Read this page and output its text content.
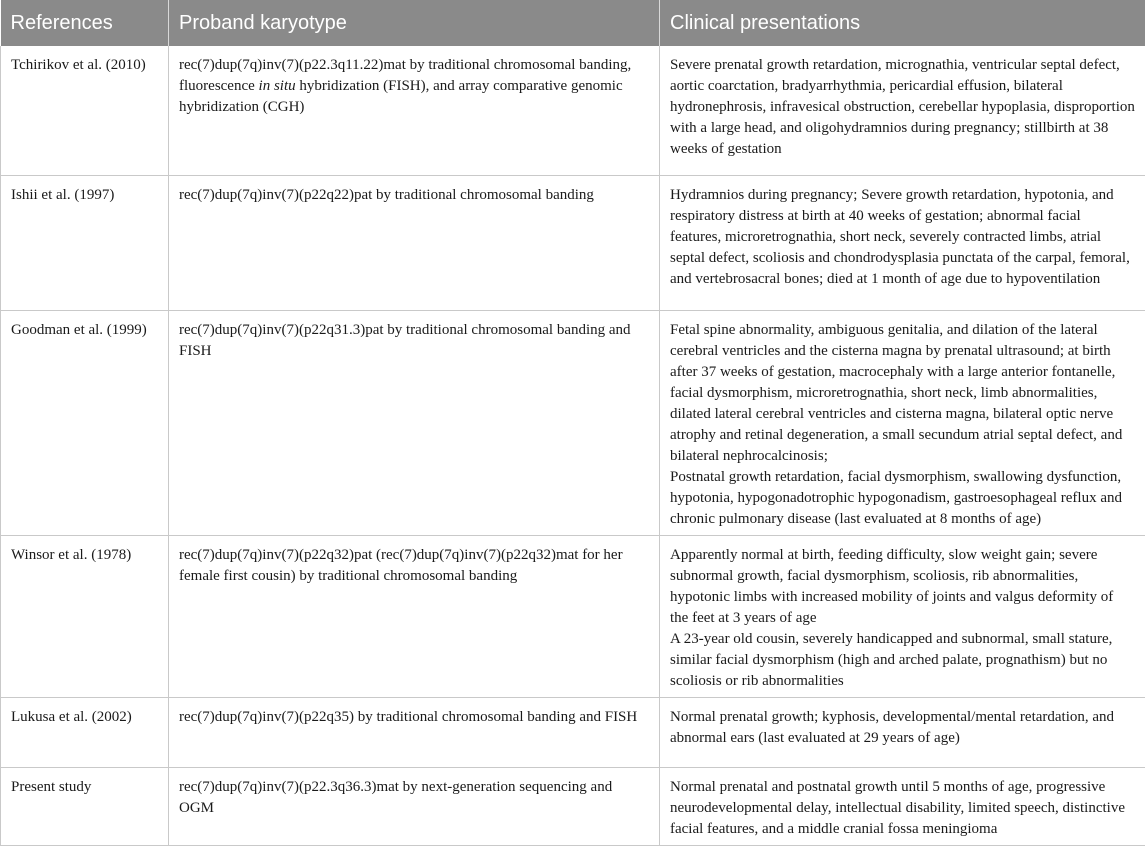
References	Proband karyotype	Clinical presentations
Tchirikov et al. (2010)	rec(7)dup(7q)inv(7)(p22.3q11.22)mat by traditional chromosomal banding, fluorescence in situ hybridization (FISH), and array comparative genomic hybridization (CGH)	Severe prenatal growth retardation, micrognathia, ventricular septal defect, aortic coarctation, bradyarrhythmia, pericardial effusion, bilateral hydronephrosis, infravesical obstruction, cerebellar hypoplasia, disproportion with a large head, and oligohydramnios during pregnancy; stillbirth at 38 weeks of gestation

Ishii et al. (1997)	rec(7)dup(7q)inv(7)(p22q22)pat by traditional chromosomal banding	Hydramnios during pregnancy; Severe growth retardation, hypotonia, and respiratory distress at birth at 40 weeks of gestation; abnormal facial features, microretrognathia, short neck, severely contracted limbs, atrial septal defect, scoliosis and chondrodysplasia punctata of the carpal, femoral, and vertebrosacral bones; died at 1 month of age due to hypoventilation

Goodman et al. (1999)	rec(7)dup(7q)inv(7)(p22q31.3)pat by traditional chromosomal banding and FISH	Fetal spine abnormality, ambiguous genitalia, and dilation of the lateral cerebral ventricles and the cisterna magna by prenatal ultrasound; at birth after 37 weeks of gestation, macrocephaly with a large anterior fontanelle, facial dysmorphism, microretrognathia, short neck, limb abnormalities, dilated lateral cerebral ventricles and cisterna magna, bilateral optic nerve atrophy and retinal degeneration, a small secundum atrial septal defect, and bilateral nephrocalcinosis;
Postnatal growth retardation, facial dysmorphism, swallowing dysfunction, hypotonia, hypogonadotrophic hypogonadism, gastroesophageal reflux and chronic pulmonary disease (last evaluated at 8 months of age)

Winsor et al. (1978)	rec(7)dup(7q)inv(7)(p22q32)pat (rec(7)dup(7q)inv(7)(p22q32)mat for her female first cousin) by traditional chromosomal banding	Apparently normal at birth, feeding difficulty, slow weight gain; severe subnormal growth, facial dysmorphism, scoliosis, rib abnormalities, hypotonic limbs with increased mobility of joints and valgus deformity of the feet at 3 years of age
A 23-year old cousin, severely handicapped and subnormal, small stature, similar facial dysmorphism (high and arched palate, prognathism) but no scoliosis or rib abnormalities

Lukusa et al. (2002)	rec(7)dup(7q)inv(7)(p22q35) by traditional chromosomal banding and FISH	Normal prenatal growth; kyphosis, developmental/mental retardation, and abnormal ears (last evaluated at 29 years of age)

Present study	rec(7)dup(7q)inv(7)(p22.3q36.3)mat by next-generation sequencing and OGM	Normal prenatal and postnatal growth until 5 months of age, progressive neurodevelopmental delay, intellectual disability, limited speech, distinctive facial features, and a middle cranial fossa meningioma
